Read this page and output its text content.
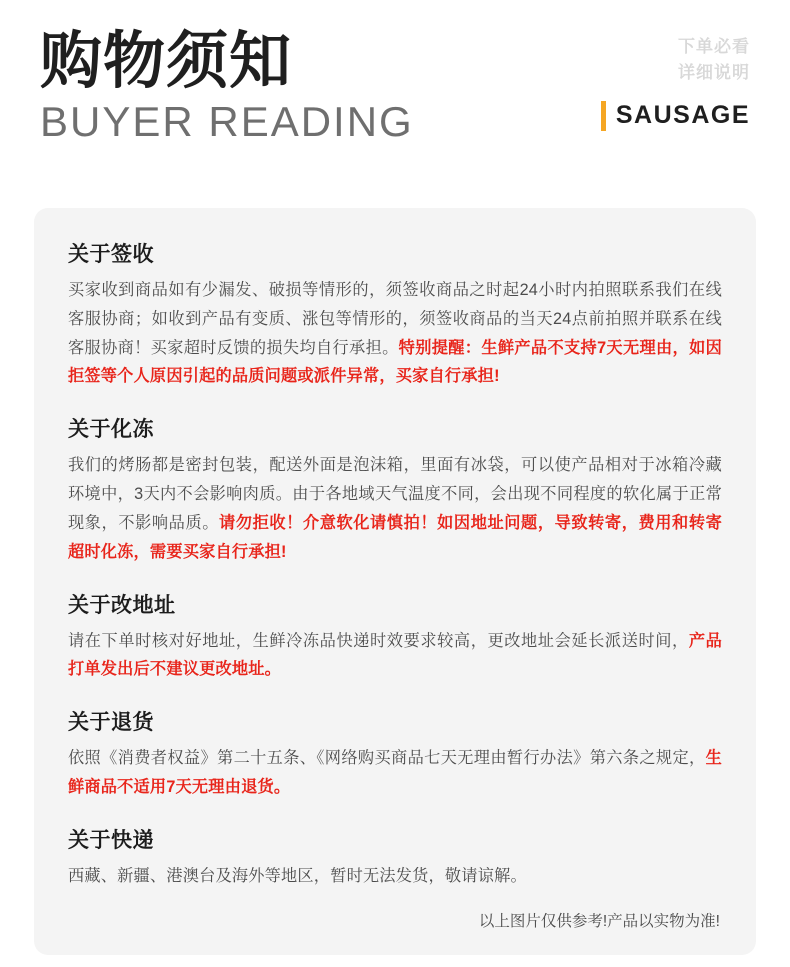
购物须知
BUYER READING
下单必看
详细说明
SAUSAGE
关于签收
买家收到商品如有少漏发、破损等情形的，须签收商品之时起24小时内拍照联系我们在线客服协商；如收到产品有变质、涨包等情形的，须签收商品的当天24点前拍照并联系在线客服协商！买家超时反馈的损失均自行承担。特别提醒：生鲜产品不支持7天无理由，如因拒签等个人原因引起的品质问题或派件异常，买家自行承担!
关于化冻
我们的烤肠都是密封包装，配送外面是泡沫箱，里面有冰袋，可以使产品相对于冰箱冷藏环境中，3天内不会影响肉质。由于各地域天气温度不同，会出现不同程度的软化属于正常现象，不影响品质。请勿拒收！介意软化请慎拍！如因地址问题，导致转寄，费用和转寄超时化冻，需要买家自行承担!
关于改地址
请在下单时核对好地址，生鲜冷冻品快递时效要求较高，更改地址会延长派送时间，产品打单发出后不建议更改地址。
关于退货
依照《消费者权益》第二十五条、《网络购买商品七天无理由暂行办法》第六条之规定，生鲜商品不适用7天无理由退货。
关于快递
西藏、新疆、港澳台及海外等地区，暂时无法发货，敬请谅解。
以上图片仅供参考!产品以实物为准!
